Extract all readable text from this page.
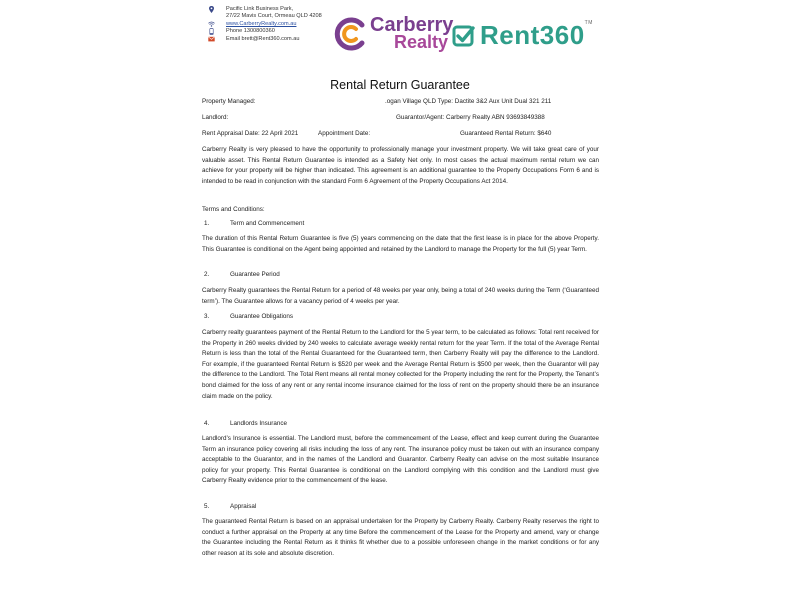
Pacific Link Business Park,
27/22 Mavis Court, Ormeau QLD 4208
www.CarberryRealty.com.au
Phone 1300800360
Email brett@Rent360.com.au
Carberry
Realty Rent360™
Rental Return Guarantee
Property Managed:	.ogan Village QLD Type: Dactite 3&2 Aux Unit Dual 321 211
Landlord:	Guarantor/Agent: Carberry Realty ABN 93693849388
Rent Appraisal Date: 22 April 2021	Appointment Date:	Guaranteed Rental Return: $640
Carberry Realty is very pleased to have the opportunity to professionally manage your investment property. We will take great care of your valuable asset. This Rental Return Guarantee is intended as a Safety Net only. In most cases the actual maximum rental return we can achieve for your property will be higher than indicated. This agreement is an additional guarantee to the Property Occupations Form 6 and is intended to be read in conjunction with the standard Form 6 Agreement of the Property Occupations Act 2014.
Terms and Conditions:
1.	Term and Commencement
The duration of this Rental Return Guarantee is five (5) years commencing on the date that the first lease is in place for the above Property. This Guarantee is conditional on the Agent being appointed and retained by the Landlord to manage the Property for the full (5) year Term.
2.	Guarantee Period
Carberry Realty guarantees the Rental Return for a period of 48 weeks per year only, being a total of 240 weeks during the Term (‘Guaranteed term’). The Guarantee allows for a vacancy period of 4 weeks per year.
3.	Guarantee Obligations
Carberry realty guarantees payment of the Rental Return to the Landlord for the 5 year term, to be calculated as follows: Total rent received for the Property in 260 weeks divided by 240 weeks to calculate average weekly rental return for the year Term. If the total of the Average Rental Return is less than the total of the Rental Guaranteed for the Guaranteed term, then Carberry Realty will pay the difference to the Landlord. For example, if the guaranteed Rental Return is $520 per week and the Average Rental Return is $500 per week, then the Guarantor will pay the difference to the Landlord. The Total Rent means all rental money collected for the Property including the rent for the Property, the Tenant’s bond claimed for the loss of any rent or any rental income insurance claimed for the loss of rent on the property should there be an insurance claim made on the policy.
4.	Landlords Insurance
Landlord’s Insurance is essential. The Landlord must, before the commencement of the Lease, effect and keep current during the Guarantee Term an insurance policy covering all risks including the loss of any rent. The insurance policy must be taken out with an insurance company acceptable to the Guarantor, and in the names of the Landlord and Guarantor. Carberry Realty can advise on the most suitable Insurance policy for your property. This Rental Guarantee is conditional on the Landlord complying with this condition and the Landlord must give Carberry Realty evidence prior to the commencement of the lease.
5.	Appraisal
The guaranteed Rental Return is based on an appraisal undertaken for the Property by Carberry Realty. Carberry Realty reserves the right to conduct a further appraisal on the Property at any time Before the commencement of the Lease for the Property and amend, vary or change the Guarantee including the Rental Return as it thinks fit whether due to a possible unforeseen change in the market conditions or for any other reason at its sole and absolute discretion.
